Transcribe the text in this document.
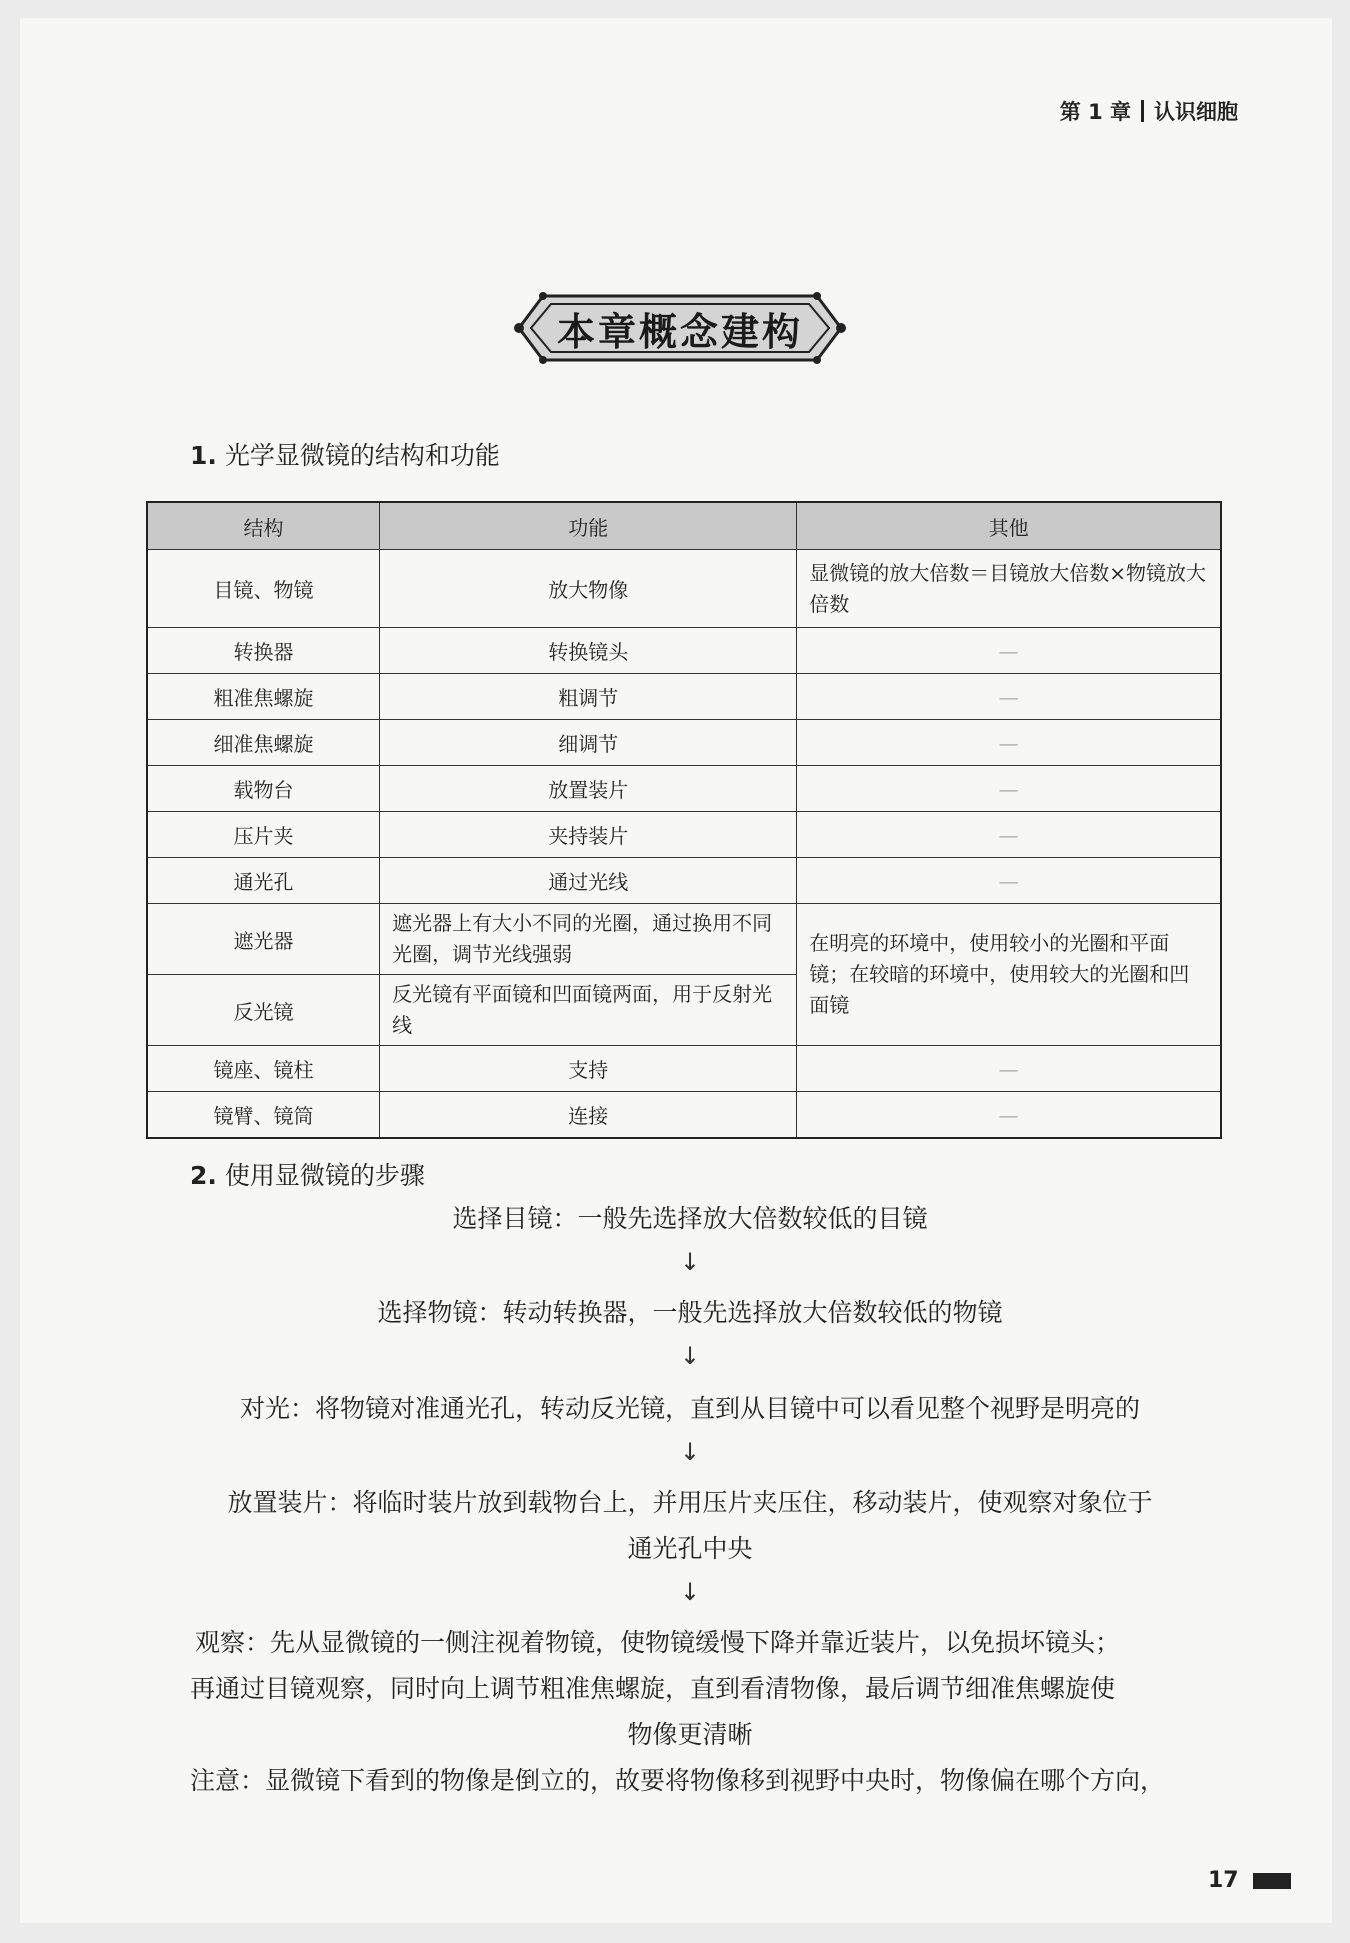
第 1 章 认识细胞
本章概念建构
1. 光学显微镜的结构和功能
结构	功能	其他
目镜、物镜	放大物像	显微镜的放大倍数＝目镜放大倍数×物镜放大倍数
转换器	转换镜头	—
粗准焦螺旋	粗调节	—
细准焦螺旋	细调节	—
载物台	放置装片	—
压片夹	夹持装片	—
通光孔	通过光线	—
遮光器	遮光器上有大小不同的光圈，通过换用不同光圈，调节光线强弱	在明亮的环境中，使用较小的光圈和平面镜；在较暗的环境中，使用较大的光圈和凹面镜
反光镜	反光镜有平面镜和凹面镜两面，用于反射光线	
镜座、镜柱	支持	—
镜臂、镜筒	连接	—
2. 使用显微镜的步骤
选择目镜：一般先选择放大倍数较低的目镜
↓
选择物镜：转动转换器，一般先选择放大倍数较低的物镜
↓
对光：将物镜对准通光孔，转动反光镜，直到从目镜中可以看见整个视野是明亮的
↓
放置装片：将临时装片放到载物台上，并用压片夹压住，移动装片，使观察对象位于
通光孔中央
↓
观察：先从显微镜的一侧注视着物镜，使物镜缓慢下降并靠近装片，以免损坏镜头；
再通过目镜观察，同时向上调节粗准焦螺旋，直到看清物像，最后调节细准焦螺旋使
物像更清晰
注意：显微镜下看到的物像是倒立的，故要将物像移到视野中央时，物像偏在哪个方向，
17
